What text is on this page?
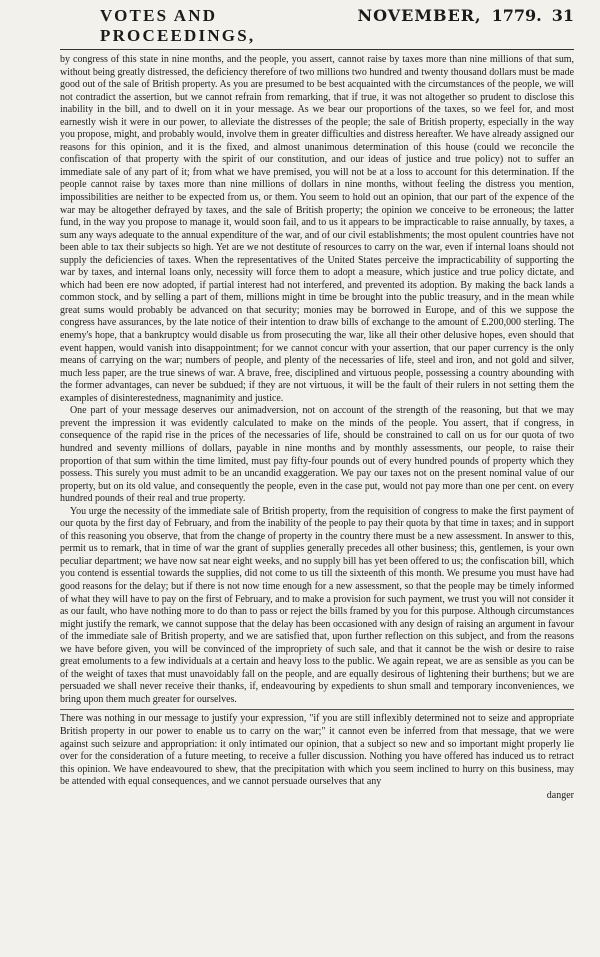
VOTES AND PROCEEDINGS,
NOVEMBER, 1779. 31

by congress of this state in nine months, and the people, you assert, cannot raise by taxes more than nine millions of that sum, without being greatly distressed, the deficiency therefore of two millions two hundred and twenty thousand dollars must be made good out of the sale of British property. As you are presumed to be best acquainted with the circumstances of the people, we will not contradict the assertion, but we cannot refrain from remarking, that if true, it was not altogether so prudent to disclose this inability in the bill, and to dwell on it in your message. As we bear our proportions of the taxes, so we feel for, and most earnestly wish it were in our power, to alleviate the distresses of the people; the sale of British property, especially in the way you propose, might, and probably would, involve them in greater difficulties and distress hereafter. We have already assigned our reasons for this opinion, and it is the fixed, and almost unanimous determination of this house (could we reconcile the confiscation of that property with the spirit of our constitution, and our ideas of justice and true policy) not to suffer an immediate sale of any part of it; from what we have premised, you will not be at a loss to account for this determination. If the people cannot raise by taxes more than nine millions of dollars in nine months, without feeling the distress you mention, impossibilities are neither to be expected from us, or them. You seem to hold out an opinion, that our part of the expence of the war may be altogether defrayed by taxes, and the sale of British property; the opinion we conceive to be erroneous; the latter fund, in the way you propose to manage it, would soon fail, and to us it appears to be impracticable to raise annually, by taxes, a sum any ways adequate to the annual expenditure of the war, and of our civil establishments; the most opulent countries have not been able to tax their subjects so high. Yet are we not destitute of resources to carry on the war, even if internal loans should not supply the deficiencies of taxes. When the representatives of the United States perceive the impracticability of supporting the war by taxes, and internal loans only, necessity will force them to adopt a measure, which justice and true policy dictate, and which had been ere now adopted, if partial interest had not interfered, and prevented its adoption. By making the back lands a common stock, and by selling a part of them, millions might in time be brought into the public treasury, and in the mean while great sums would probably be advanced on that security; monies may be borrowed in Europe, and of this we suppose the congress have assurances, by the late notice of their intention to draw bills of exchange to the amount of £.200,000 sterling. The enemy's hope, that a bankruptcy would disable us from prosecuting the war, like all their other delusive hopes, even should that event happen, would vanish into disappointment; for we cannot concur with your assertion, that our paper currency is the only means of carrying on the war; numbers of people, and plenty of the necessaries of life, steel and iron, and not gold and silver, much less paper, are the true sinews of war. A brave, free, disciplined and virtuous people, possessing a country abounding with the former advantages, can never be subdued; if they are not virtuous, it will be the fault of their rulers in not setting them the examples of disinterestedness, magnanimity and justice.

One part of your message deserves our animadversion, not on account of the strength of the reasoning, but that we may prevent the impression it was evidently calculated to make on the minds of the people. You assert, that if congress, in consequence of the rapid rise in the prices of the necessaries of life, should be constrained to call on us for our quota of two hundred and seventy millions of dollars, payable in nine months and by monthly assessments, our people, to raise their proportion of that sum within the time limited, must pay fifty-four pounds out of every hundred pounds of property which they possess. This surely you must admit to be an uncandid exaggeration. We pay our taxes not on the present nominal value of our property, but on its old value, and consequently the people, even in the case put, would not pay more than one per cent. on every hundred pounds of their real and true property.

You urge the necessity of the immediate sale of British property, from the requisition of congress to make the first payment of our quota by the first day of February, and from the inability of the people to pay their quota by that time in taxes; and in support of this reasoning you observe, that from the change of property in the country there must be a new assessment. In answer to this, permit us to remark, that in time of war the grant of supplies generally precedes all other business; this, gentlemen, is your own peculiar department; we have now sat near eight weeks, and no supply bill has yet been offered to us; the confiscation bill, which you contend is essential towards the supplies, did not come to us till the sixteenth of this month. We presume you must have had good reasons for the delay; but if there is not now time enough for a new assessment, so that the people may be timely informed of what they will have to pay on the first of February, and to make a provision for such payment, we trust you will not consider it as our fault, who have nothing more to do than to pass or reject the bills framed by you for this purpose. Although circumstances might justify the remark, we cannot suppose that the delay has been occasioned with any design of raising an argument in favour of the immediate sale of British property, and we are satisfied that, upon further reflection on this subject, and from the reasons we have before given, you will be convinced of the impropriety of such sale, and that it cannot be the wish or desire to raise great emoluments to a few individuals at a certain and heavy loss to the public. We again repeat, we are as sensible as you can be of the weight of taxes that must unavoidably fall on the people, and are equally desirous of lightening their burthens; but we are persuaded we shall never receive their thanks, if, endeavouring by expedients to shun small and temporary inconveniences, we bring upon them much greater for ourselves.

There was nothing in our message to justify your expression, "if you are still inflexibly determined not to seize and appropriate British property in our power to enable us to carry on the war;" it cannot even be inferred from that message, that we were against such seizure and appropriation: it only intimated our opinion, that a subject so new and so important might properly lie over for the consideration of a future meeting, to receive a fuller discussion. Nothing you have offered has induced us to retract this opinion. We have endeavoured to shew, that the precipitation with which you seem inclined to hurry on this business, may be attended with equal consequences, and we cannot persuade ourselves that any

danger
